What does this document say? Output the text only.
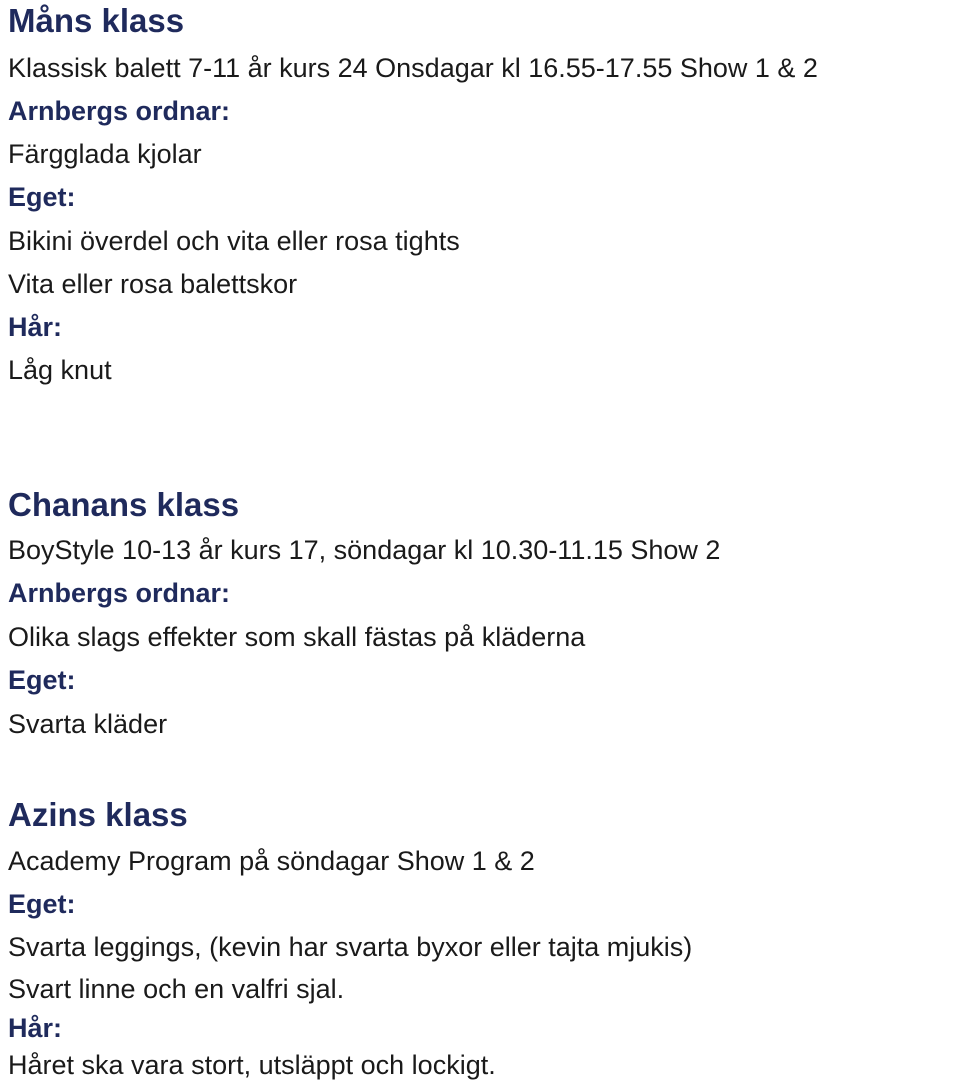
Måns klass
Klassisk balett 7-11 år kurs 24 Onsdagar kl 16.55-17.55 Show 1 & 2
Arnbergs ordnar:
Färgglada kjolar
Eget:
Bikini överdel och vita eller rosa tights
Vita eller rosa balettskor
Hår:
Låg knut
Chanans klass
BoyStyle 10-13 år kurs 17, söndagar kl 10.30-11.15 Show 2
Arnbergs ordnar:
Olika slags effekter som skall fästas på kläderna
Eget:
Svarta kläder
Azins klass
Academy Program på söndagar Show 1 & 2
Eget:
Svarta leggings, (kevin har svarta byxor eller tajta mjukis)
Svart linne och en valfri sjal.
Hår:
Håret ska vara stort, utsläppt och lockigt.
